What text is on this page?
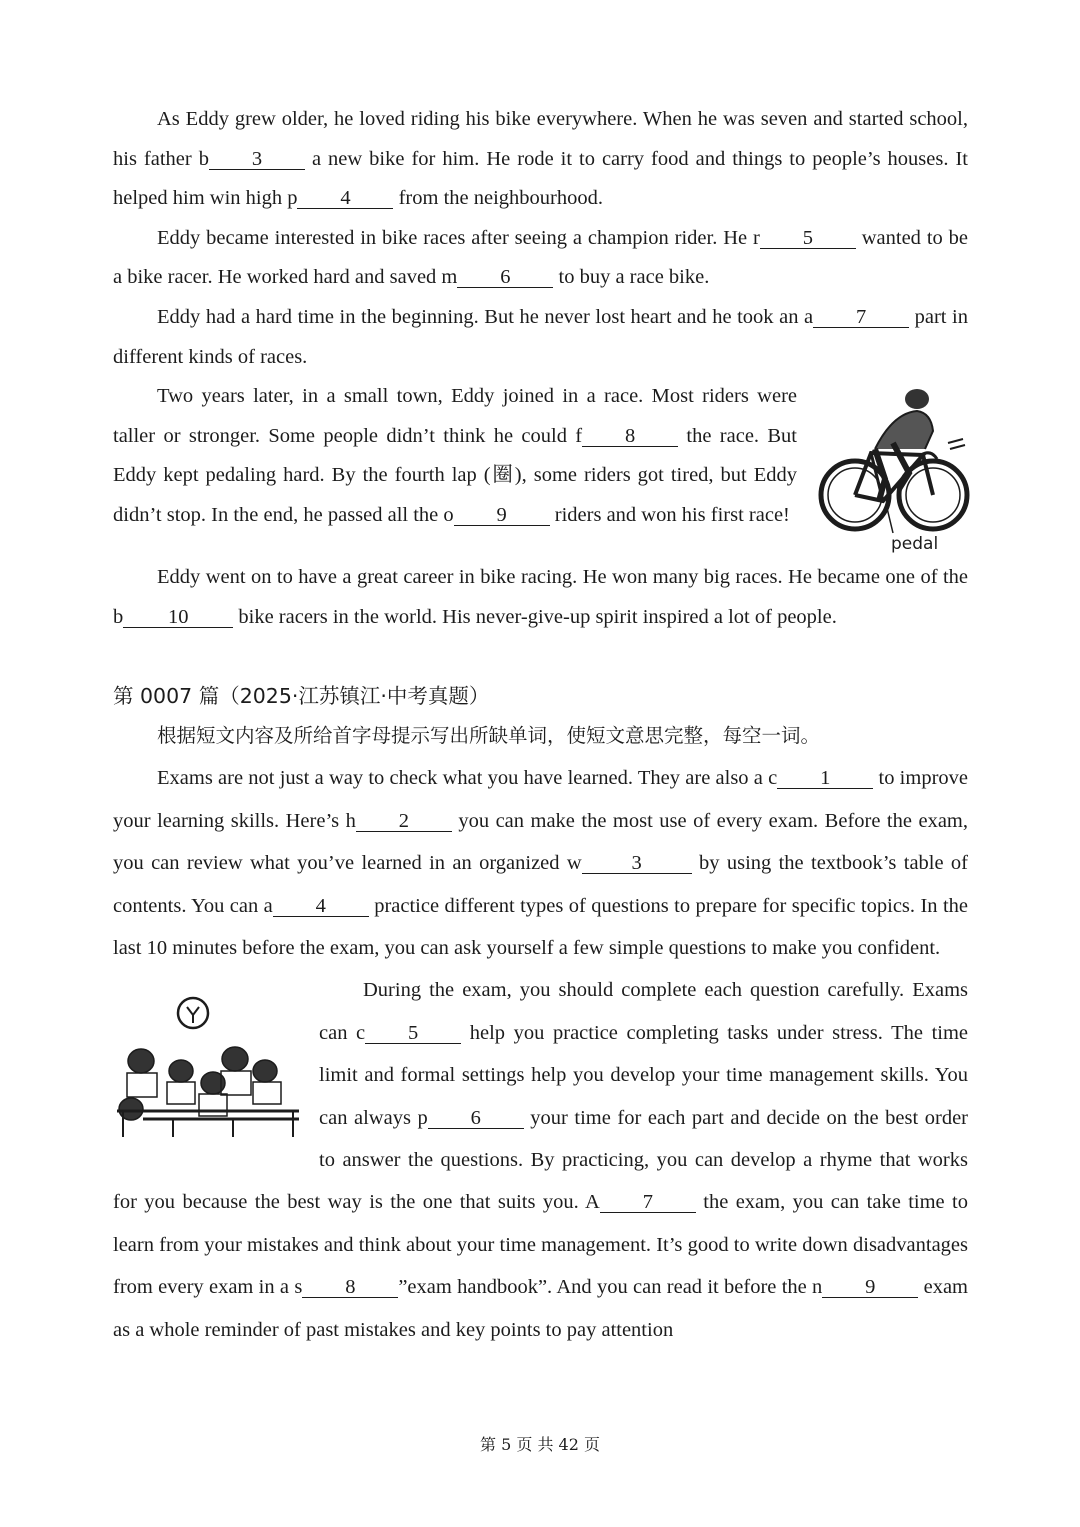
As Eddy grew older, he loved riding his bike everywhere. When he was seven and started school, his father b 3 a new bike for him. He rode it to carry food and things to people’s houses. It helped him win high p 4 from the neighbourhood.

Eddy became interested in bike races after seeing a champion rider. He r 5 wanted to be a bike racer. He worked hard and saved m 6 to buy a race bike.

Eddy had a hard time in the beginning. But he never lost heart and he took an a 7 part in different kinds of races.

pedal

Two years later, in a small town, Eddy joined in a race. Most riders were taller or stronger. Some people didn’t think he could f 8 the race. But Eddy kept pedaling hard. By the fourth lap (圈), some riders got tired, but Eddy didn’t stop. In the end, he passed all the o 9 riders and won his first race!

Eddy went on to have a great career in bike racing. He won many big races. He became one of the b 10 bike racers in the world. His never-give-up spirit inspired a lot of people.

第 0007 篇（2025·江苏镇江·中考真题）

根据短文内容及所给首字母提示写出所缺单词，使短文意思完整，每空一词。

Exams are not just a way to check what you have learned. They are also a c 1 to improve your learning skills. Here’s h 2 you can make the most use of every exam. Before the exam, you can review what you’ve learned in an organized w 3 by using the textbook’s table of contents. You can a 4 practice different types of questions to prepare for specific topics. In the last 10 minutes before the exam, you can ask yourself a few simple questions to make you confident.

During the exam, you should complete each question carefully. Exams can c 5 help you practice completing tasks under stress. The time limit and formal settings help you develop your time management skills. You can always p 6 your time for each part and decide on the best order to answer the questions. By practicing, you can develop a rhyme that works for you because the best way is the one that suits you. A 7 the exam, you can take time to learn from your mistakes and think about your time management. It’s good to write down disadvantages from every exam in a s 8 ”exam handbook”. And you can read it before the n 9 exam as a whole reminder of past mistakes and key points to pay attention

第 5 页 共 42 页
